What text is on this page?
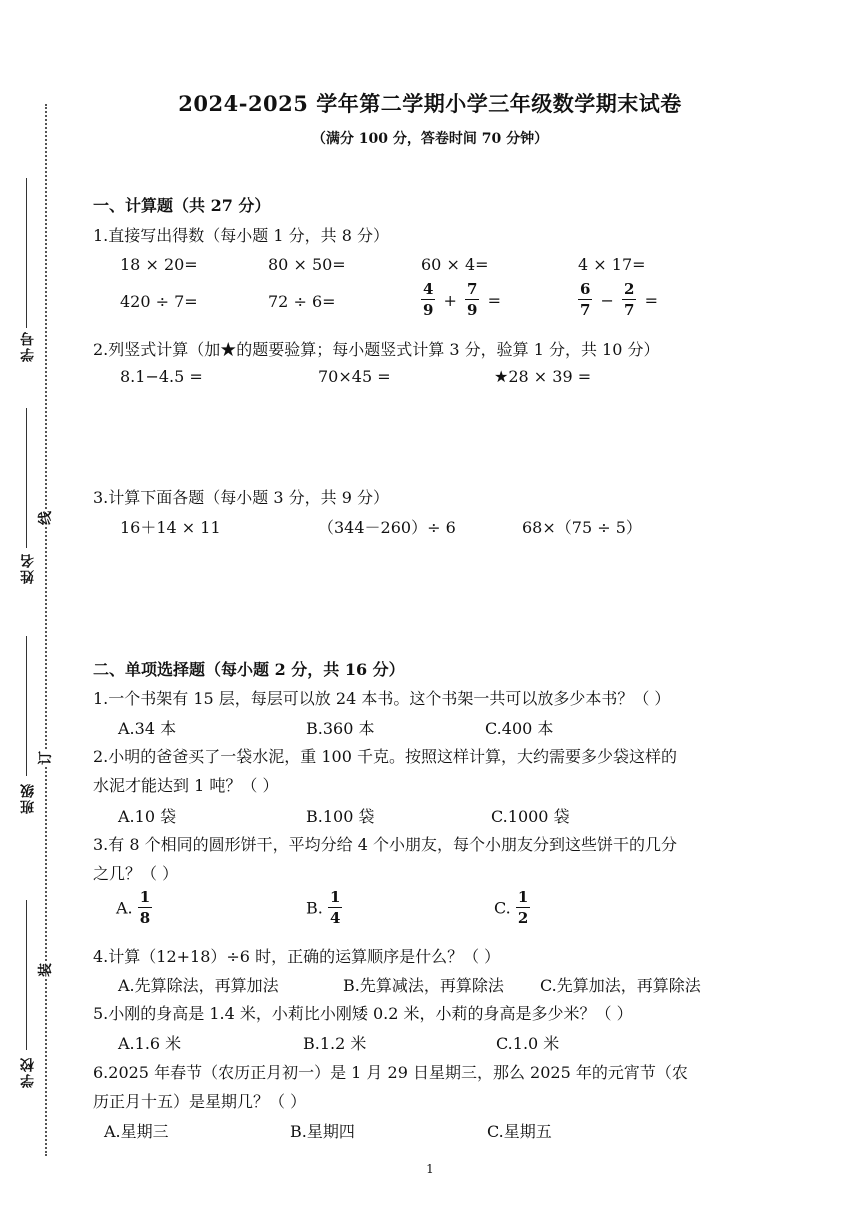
学号
姓名
班级
学校
线
订
装
2024-2025 学年第二学期小学三年级数学期末试卷
（满分 100 分，答卷时间 70 分钟）
一、计算题（共 27 分）
1.直接写出得数（每小题 1 分，共 8 分）
18 × 20=	80 × 50=	60 × 4=	4 × 17=
420 ÷ 7=	72 ÷ 6=	$\frac{4}{9} + \frac{7}{9}$ =	$\frac{6}{7} - \frac{2}{7}$ =
2.列竖式计算（加★的题要验算；每小题竖式计算 3 分，验算 1 分，共 10 分）
8.1−4.5 =	70×45 =	★28 × 39 =
3.计算下面各题（每小题 3 分，共 9 分）
16＋14 × 11	（344－260）÷ 6	68×（75 ÷ 5）
二、单项选择题（每小题 2 分，共 16 分）
1.一个书架有 15 层，每层可以放 24 本书。这个书架一共可以放多少本书？（ ）
A.34 本	B.360 本	C.400 本
2.小明的爸爸买了一袋水泥，重 100 千克。按照这样计算，大约需要多少袋这样的
水泥才能达到 1 吨？（ ）
A.10 袋	B.100 袋	C.1000 袋
3.有 8 个相同的圆形饼干，平均分给 4 个小朋友，每个小朋友分到这些饼干的几分
之几？（ ）
A. $\frac{1}{8}$	B. $\frac{1}{4}$	C. $\frac{1}{2}$
4.计算（12+18）÷6 时，正确的运算顺序是什么？（ ）
A.先算除法，再算加法	B.先算减法，再算除法 C.先算加法，再算除法
5.小刚的身高是 1.4 米，小莉比小刚矮 0.2 米，小莉的身高是多少米？（ ）
A.1.6 米	B.1.2 米	C.1.0 米
6.2025 年春节（农历正月初一）是 1 月 29 日星期三，那么 2025 年的元宵节（农
历正月十五）是星期几？（ ）
A.星期三	B.星期四	C.星期五
1
